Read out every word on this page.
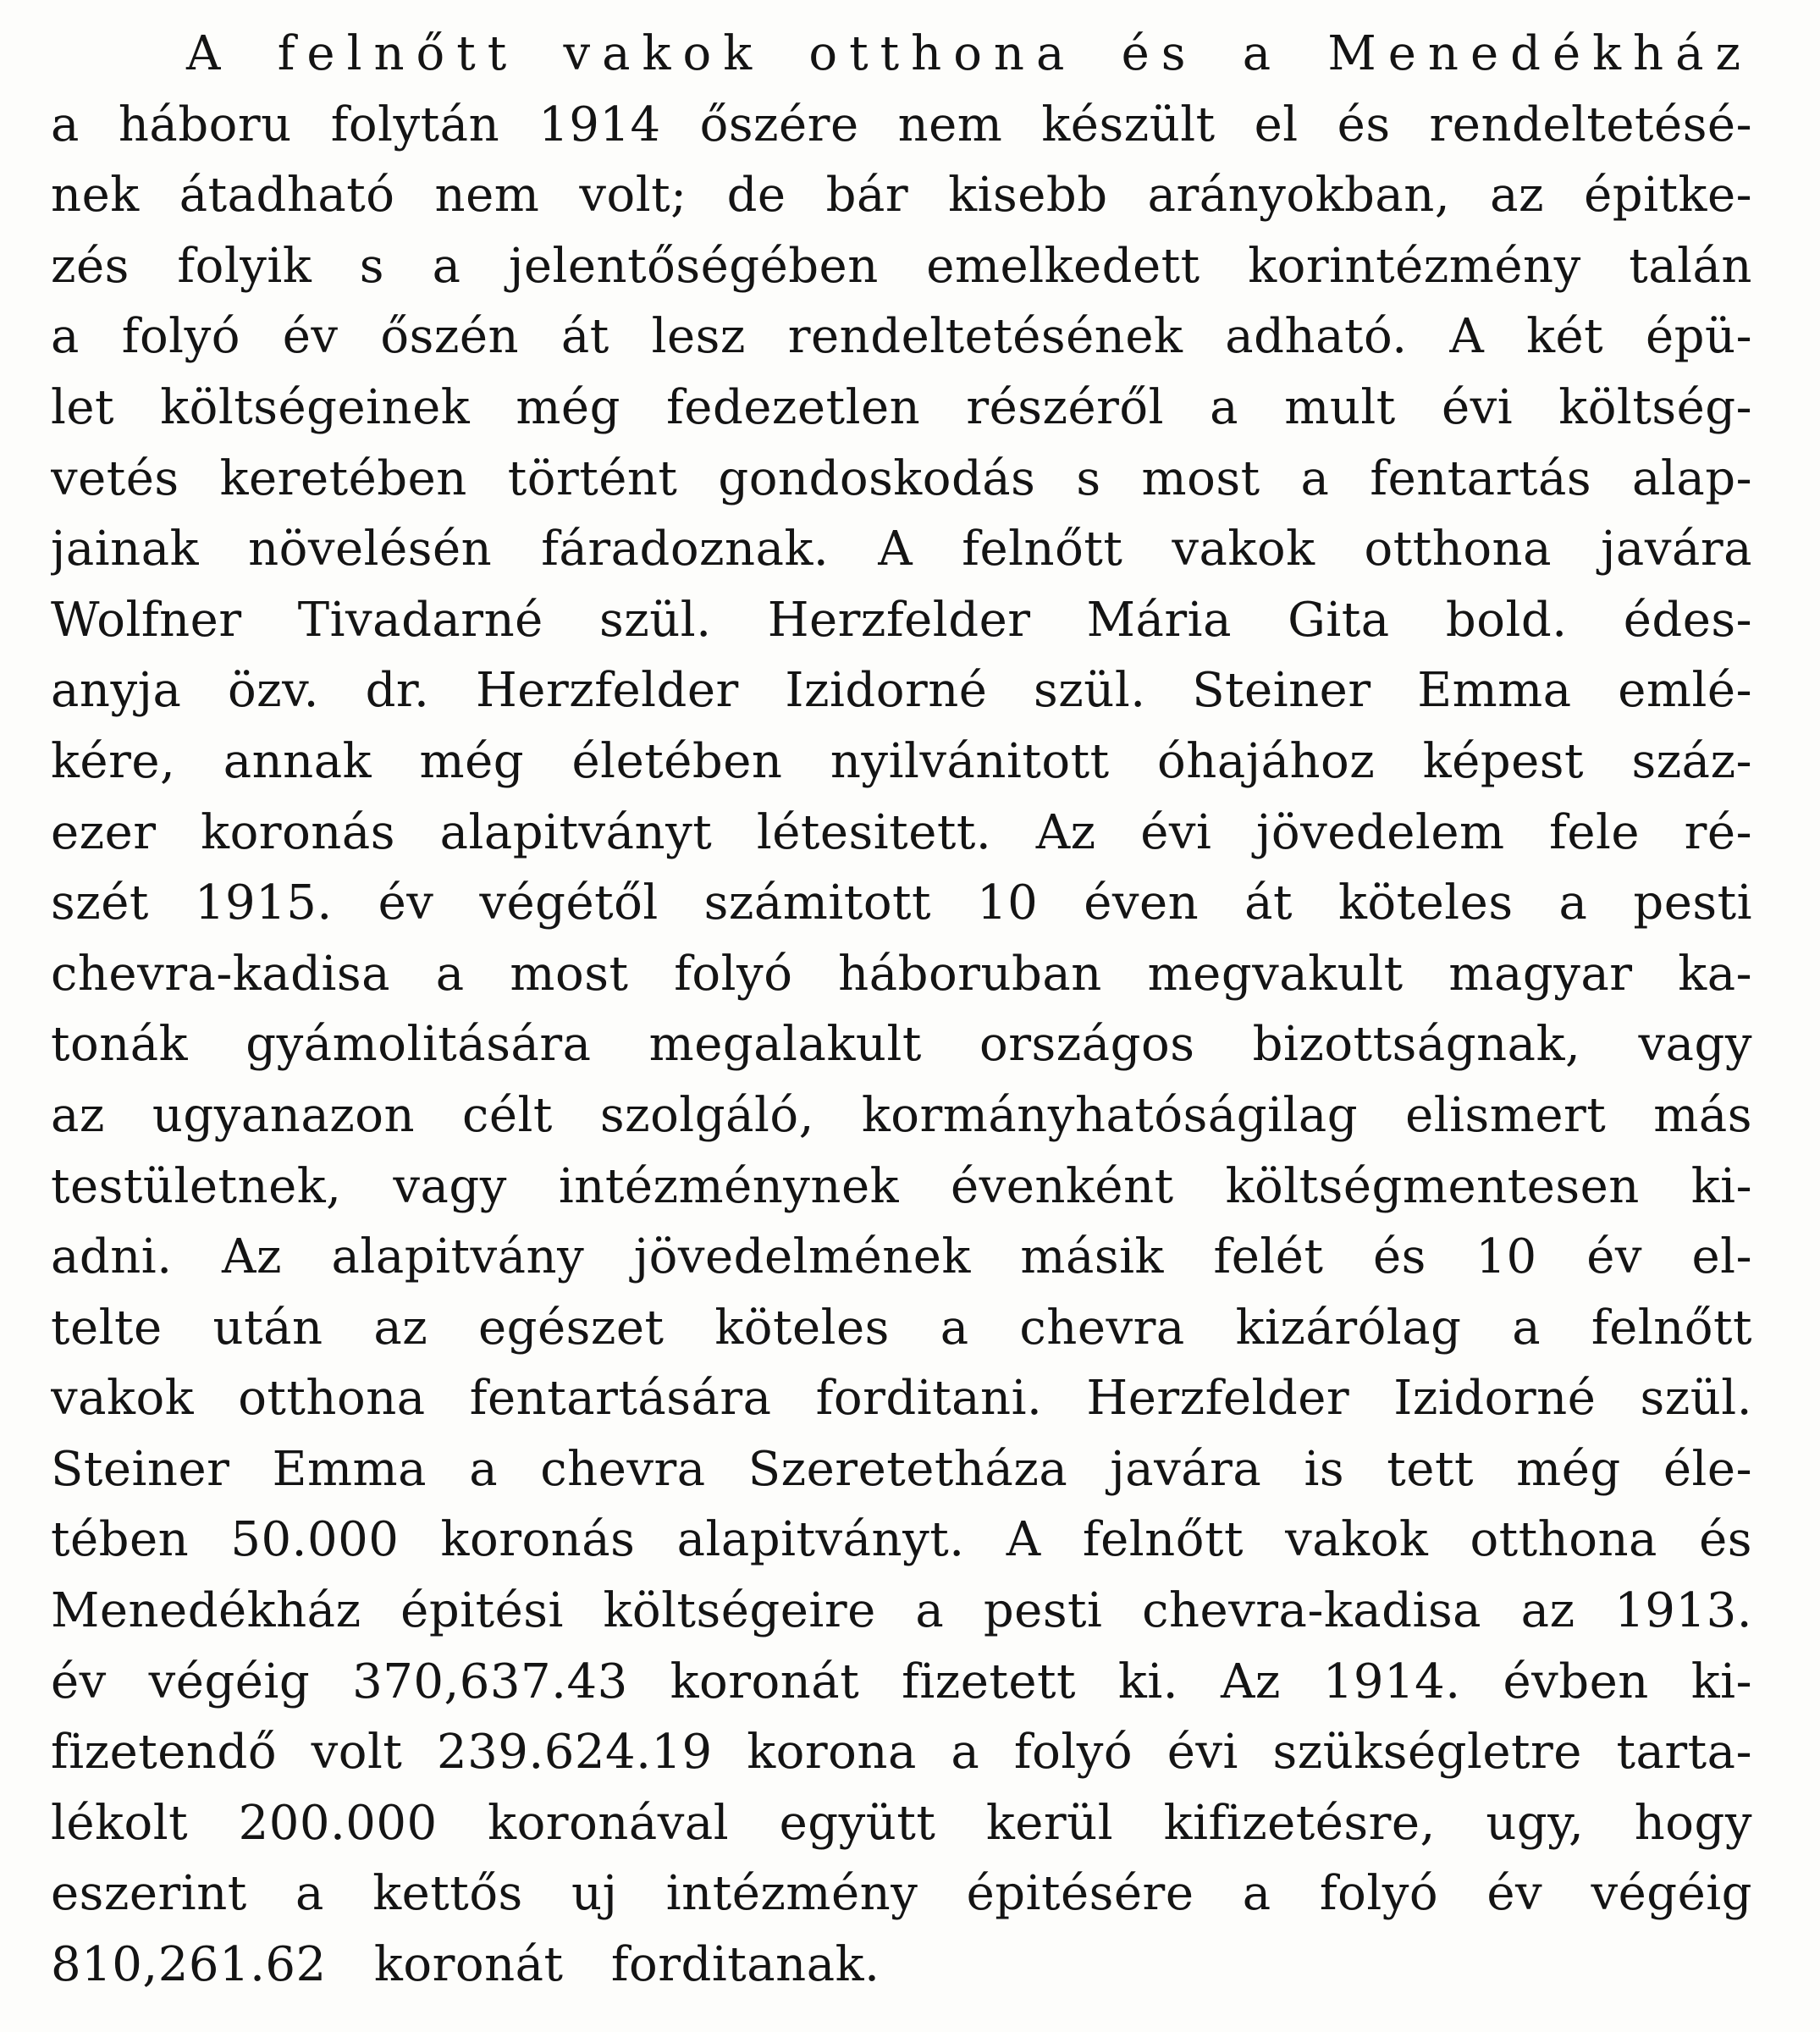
A felnőtt vakok otthona és a Menedékház
a háboru folytán 1914 őszére nem készült el és rendeltetésé-
nek átadható nem volt; de bár kisebb arányokban, az épitke-
zés folyik s a jelentőségében emelkedett korintézmény talán
a folyó év őszén át lesz rendeltetésének adható. A két épü-
let költségeinek még fedezetlen részéről a mult évi költség-
vetés keretében történt gondoskodás s most a fentartás alap-
jainak növelésén fáradoznak. A felnőtt vakok otthona javára
Wolfner Tivadarné szül. Herzfelder Mária Gita bold. édes-
anyja özv. dr. Herzfelder Izidorné szül. Steiner Emma emlé-
kére, annak még életében nyilvánitott óhajához képest száz-
ezer koronás alapitványt létesitett. Az évi jövedelem fele ré-
szét 1915. év végétől számitott 10 éven át köteles a pesti
chevra-kadisa a most folyó háboruban megvakult magyar ka-
tonák gyámolitására megalakult országos bizottságnak, vagy
az ugyanazon célt szolgáló, kormányhatóságilag elismert más
testületnek, vagy intézménynek évenként költségmentesen ki-
adni. Az alapitvány jövedelmének másik felét és 10 év el-
telte után az egészet köteles a chevra kizárólag a felnőtt
vakok otthona fentartására forditani. Herzfelder Izidorné szül.
Steiner Emma a chevra Szeretetháza javára is tett még éle-
tében 50.000 koronás alapitványt. A felnőtt vakok otthona és
Menedékház épitési költségeire a pesti chevra-kadisa az 1913.
év végéig 370,637.43 koronát fizetett ki. Az 1914. évben ki-
fizetendő volt 239.624.19 korona a folyó évi szükségletre tarta-
lékolt 200.000 koronával együtt kerül kifizetésre, ugy, hogy
eszerint a kettős uj intézmény épitésére a folyó év végéig
810,261.62 koronát forditanak.
